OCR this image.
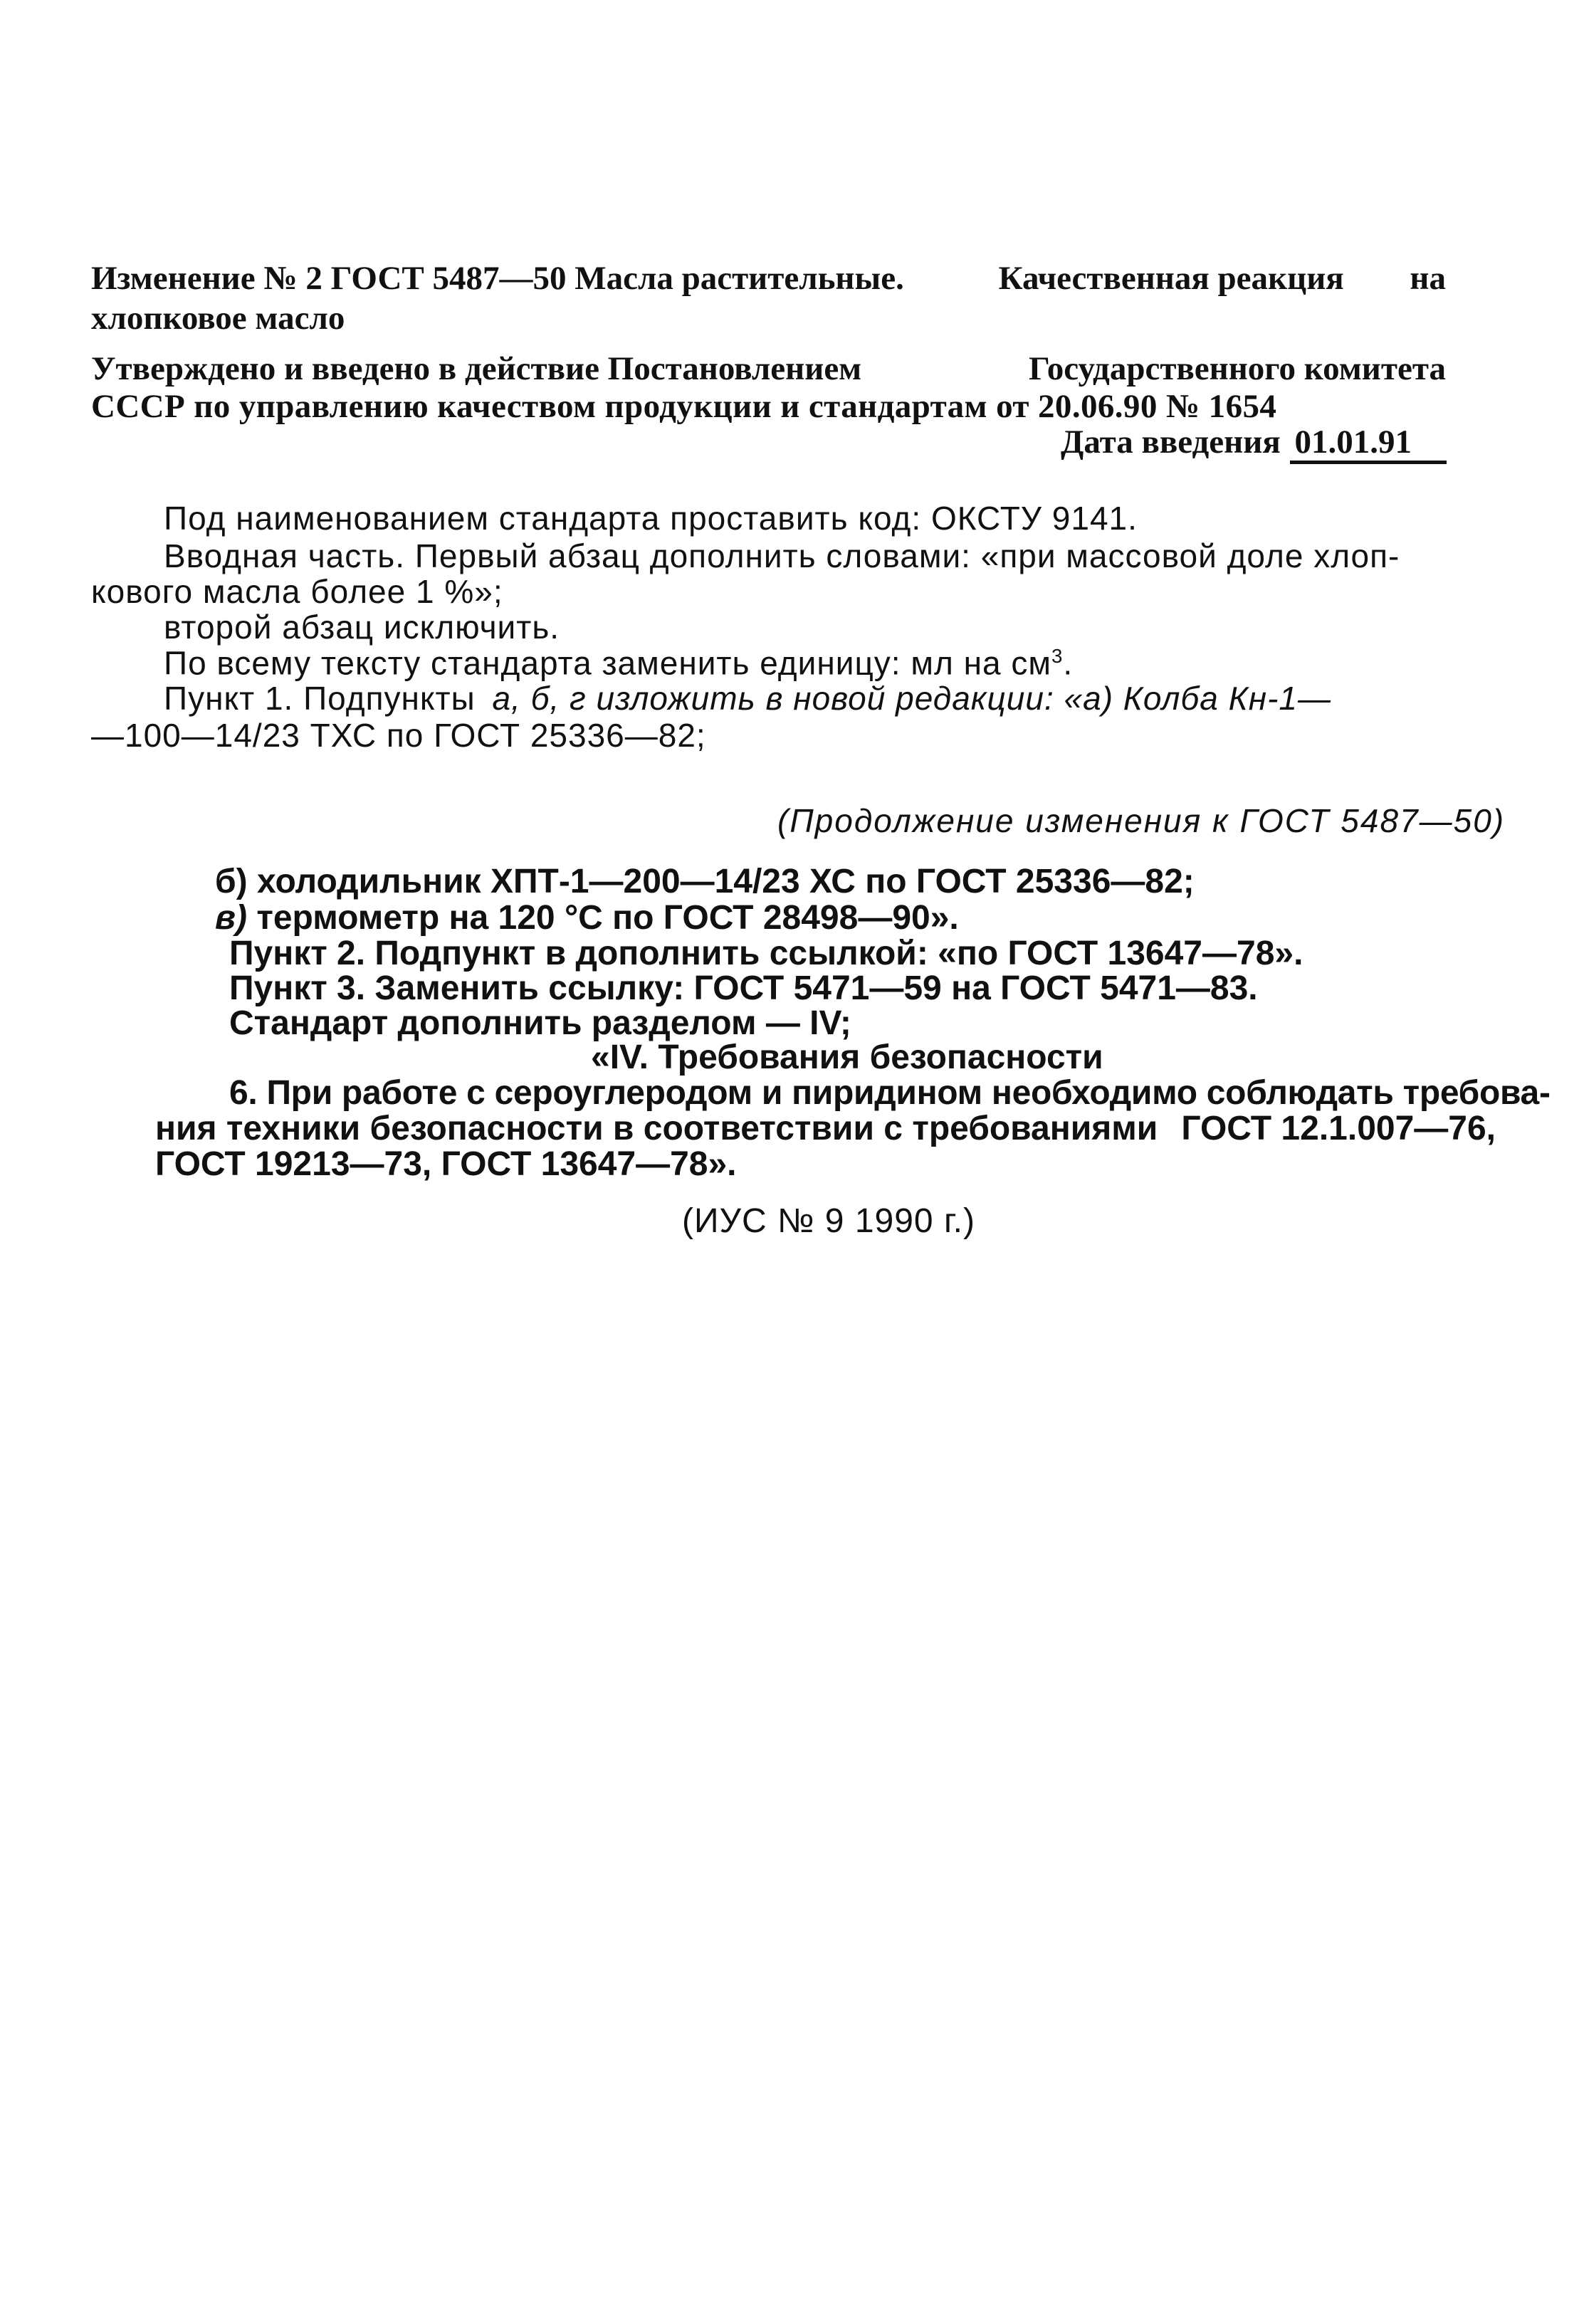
Изменение № 2 ГОСТ 5487—50 Масла растительные.	Качественная реакция на
хлопковое масло
Утверждено и введено в действие Постановлением	Государственного комитета
СССР по управлению качеством продукции и стандартам от 20.06.90 № 1654
Дата введения 01.01.91
Под наименованием стандарта проставить код: ОКСТУ 9141.
Вводная часть. Первый абзац дополнить словами: «при массовой доле хлоп-
кового масла более 1 %»;
второй абзац исключить.
По всему тексту стандарта заменить единицу: мл на $см^3$.
Пункт 1. Подпункты а, б, г изложить в новой редакции: «а) Колба Кн-1—
—100—14/23 ТХС по ГОСТ 25336—82;
(Продолжение изменения к ГОСТ 5487—50)
б) холодильник ХПТ-1—200—14/23 ХС по ГОСТ 25336—82;
в) термометр на 120 °С по ГОСТ 28498—90».
Пункт 2. Подпункт в дополнить ссылкой: «по ГОСТ 13647—78».
Пункт 3. Заменить ссылку: ГОСТ 5471—59 на ГОСТ 5471—83.
Стандарт дополнить разделом — IV;
«IV. Требования безопасности
6. При работе с сероуглеродом и пиридином необходимо соблюдать требова-
ния техники безопасности в соответствии с требованиями ГОСТ 12.1.007—76,
ГОСТ 19213—73, ГОСТ 13647—78».
(ИУС № 9 1990 г.)
